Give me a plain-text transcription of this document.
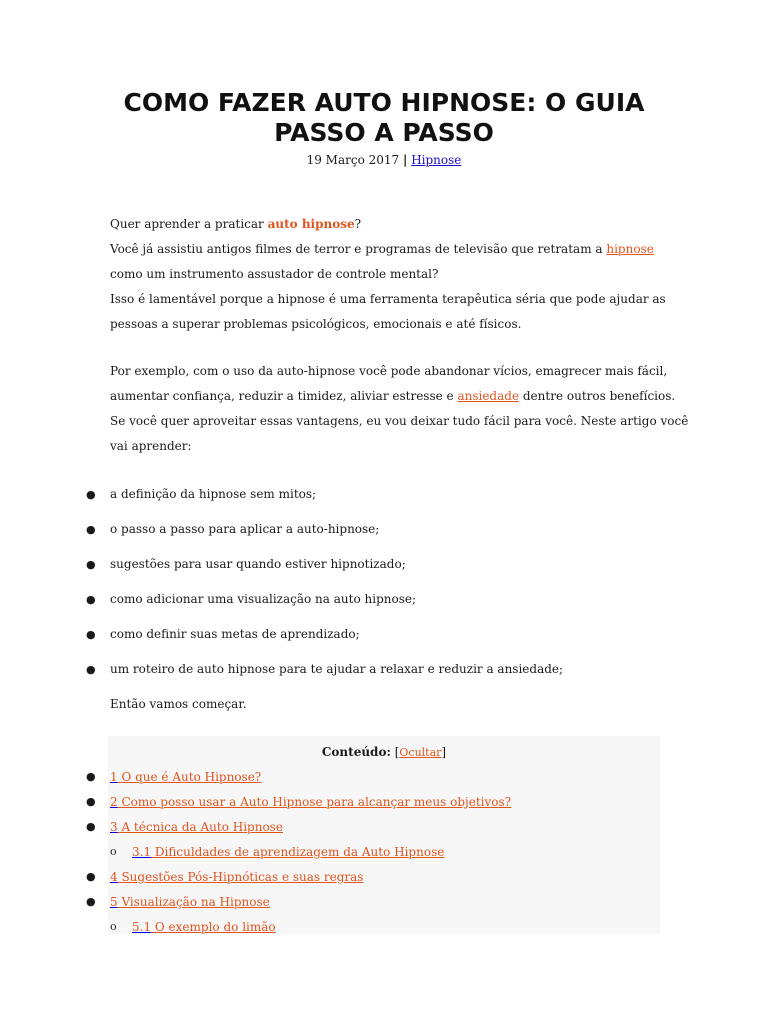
COMO FAZER AUTO HIPNOSE: O GUIA PASSO A PASSO
19 Março 2017 | Hipnose
Quer aprender a praticar auto hipnose?
Você já assistiu antigos filmes de terror e programas de televisão que retratam a hipnose como um instrumento assustador de controle mental?
Isso é lamentável porque a hipnose é uma ferramenta terapêutica séria que pode ajudar as pessoas a superar problemas psicológicos, emocionais e até físicos.
Por exemplo, com o uso da auto-hipnose você pode abandonar vícios, emagrecer mais fácil, aumentar confiança, reduzir a timidez, aliviar estresse e ansiedade dentre outros benefícios.
Se você quer aproveitar essas vantagens, eu vou deixar tudo fácil para você. Neste artigo você vai aprender:
● a definição da hipnose sem mitos;
● o passo a passo para aplicar a auto-hipnose;
● sugestões para usar quando estiver hipnotizado;
● como adicionar uma visualização na auto hipnose;
● como definir suas metas de aprendizado;
● um roteiro de auto hipnose para te ajudar a relaxar e reduzir a ansiedade;
Então vamos começar.
Conteúdo: [Ocultar]
● 1 O que é Auto Hipnose?
● 2 Como posso usar a Auto Hipnose para alcançar meus objetivos?
● 3 A técnica da Auto Hipnose
o 3.1 Dificuldades de aprendizagem da Auto Hipnose
● 4 Sugestões Pós-Hipnóticas e suas regras
● 5 Visualização na Hipnose
o 5.1 O exemplo do limão
